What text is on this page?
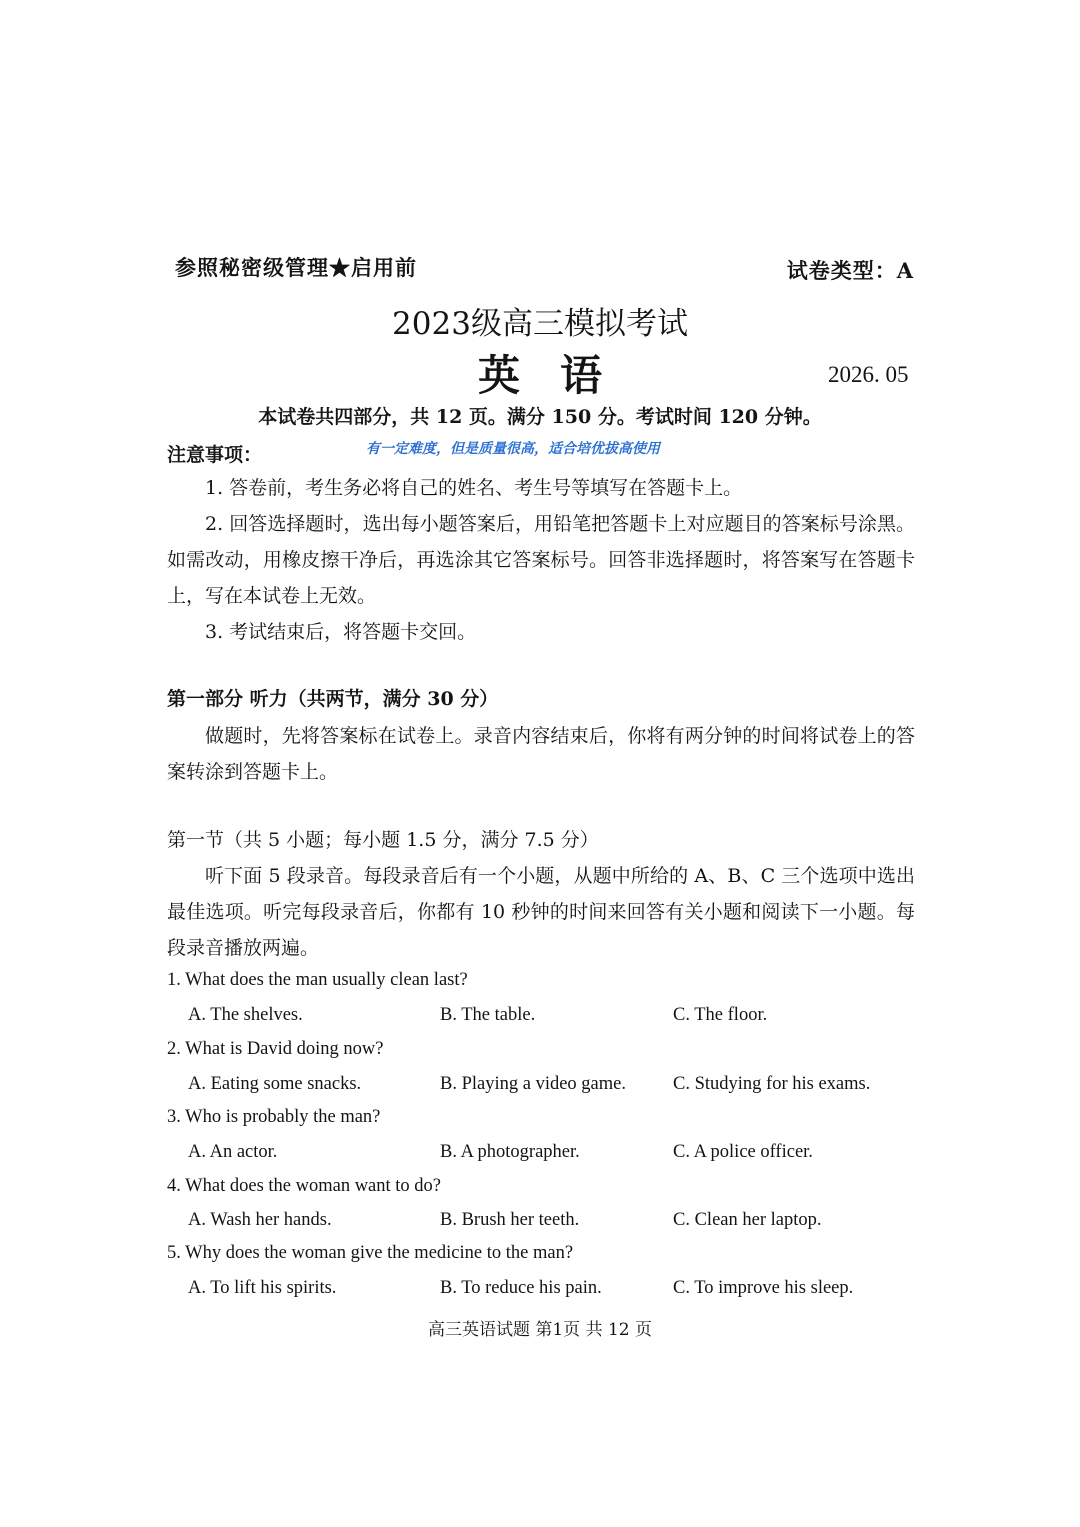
参照秘密级管理★启用前	试卷类型：A
2023级高三模拟考试
英语	2026. 05
本试卷共四部分，共 12 页。满分 150 分。考试时间 120 分钟。
注意事项：	有一定难度，但是质量很高，适合培优拔高使用
1. 答卷前，考生务必将自己的姓名、考生号等填写在答题卡上。
2. 回答选择题时，选出每小题答案后，用铅笔把答题卡上对应题目的答案标号涂黑。如需改动，用橡皮擦干净后，再选涂其它答案标号。回答非选择题时，将答案写在答题卡上，写在本试卷上无效。
3. 考试结束后，将答题卡交回。
第一部分 听力（共两节，满分 30 分）
做题时，先将答案标在试卷上。录音内容结束后，你将有两分钟的时间将试卷上的答案转涂到答题卡上。
第一节（共 5 小题；每小题 1.5 分，满分 7.5 分）
听下面 5 段录音。每段录音后有一个小题，从题中所给的 A、B、C 三个选项中选出最佳选项。听完每段录音后，你都有 10 秒钟的时间来回答有关小题和阅读下一小题。每段录音播放两遍。
1. What does the man usually clean last?
A. The shelves.	B. The table.	C. The floor.
2. What is David doing now?
A. Eating some snacks.	B. Playing a video game.	C. Studying for his exams.
3. Who is probably the man?
A. An actor.	B. A photographer.	C. A police officer.
4. What does the woman want to do?
A. Wash her hands.	B. Brush her teeth.	C. Clean her laptop.
5. Why does the woman give the medicine to the man?
A. To lift his spirits.	B. To reduce his pain.	C. To improve his sleep.
高三英语试题 第1页 共 12 页
